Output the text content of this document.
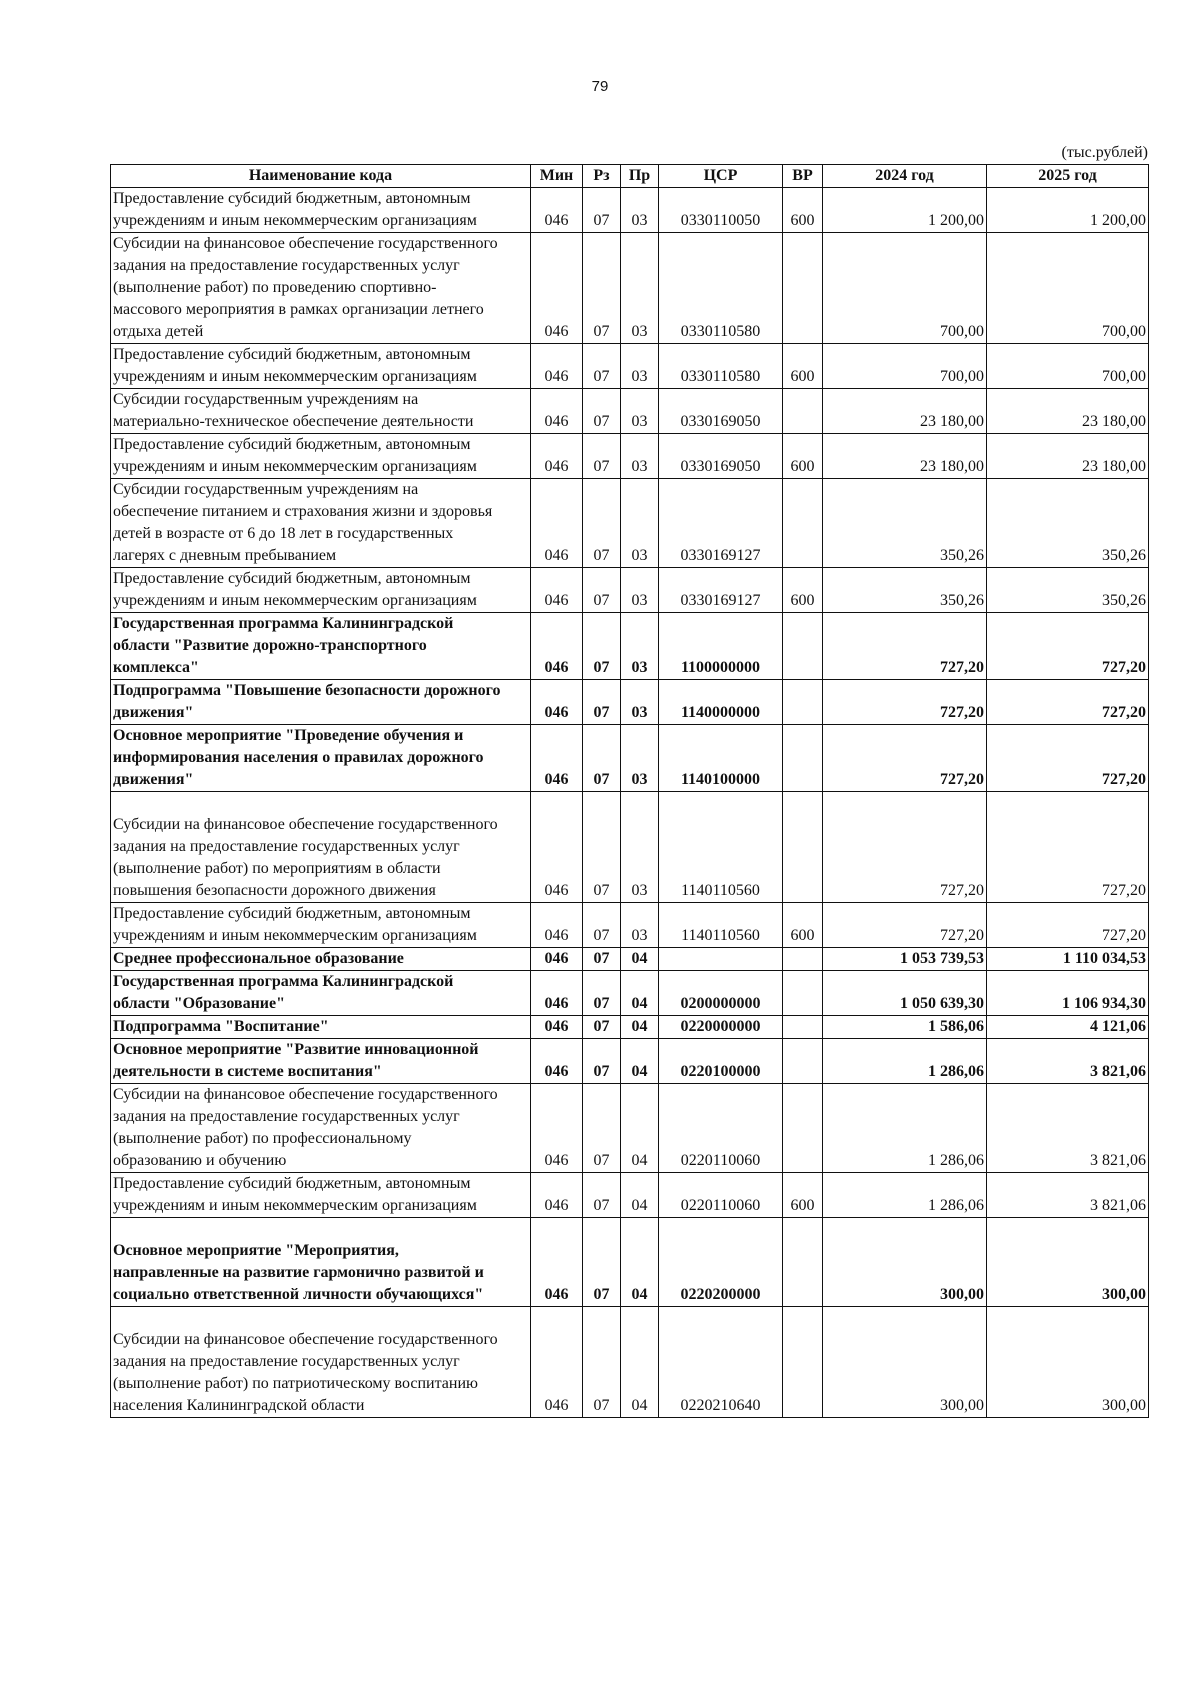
79
(тыс.рублей)
Наименование кода	Мин	Рз	Пр	ЦСР	ВР	2024 год	2025 год
Предоставление субсидий бюджетным, автономным
учреждениям и иным некоммерческим организациям	046	07	03	0330110050	600	1 200,00	1 200,00
Субсидии на финансовое обеспечение государственного
задания на предоставление государственных услуг
(выполнение работ) по проведению спортивно-
массового мероприятия в рамках организации летнего
отдыха детей	046	07	03	0330110580		700,00	700,00
Предоставление субсидий бюджетным, автономным
учреждениям и иным некоммерческим организациям	046	07	03	0330110580	600	700,00	700,00
Субсидии государственным учреждениям на
материально-техническое обеспечение деятельности	046	07	03	0330169050		23 180,00	23 180,00
Предоставление субсидий бюджетным, автономным
учреждениям и иным некоммерческим организациям	046	07	03	0330169050	600	23 180,00	23 180,00
Субсидии государственным учреждениям на
обеспечение питанием и страхования жизни и здоровья
детей в возрасте от 6 до 18 лет в государственных
лагерях с дневным пребыванием	046	07	03	0330169127		350,26	350,26
Предоставление субсидий бюджетным, автономным
учреждениям и иным некоммерческим организациям	046	07	03	0330169127	600	350,26	350,26
Государственная программа Калининградской
области "Развитие дорожно-транспортного
комплекса"	046	07	03	1100000000		727,20	727,20
Подпрограмма "Повышение безопасности дорожного
движения"	046	07	03	1140000000		727,20	727,20
Основное мероприятие "Проведение обучения и
информирования населения о правилах дорожного
движения"	046	07	03	1140100000		727,20	727,20
Субсидии на финансовое обеспечение государственного
задания на предоставление государственных услуг
(выполнение работ) по мероприятиям в области
повышения безопасности дорожного движения	046	07	03	1140110560		727,20	727,20
Предоставление субсидий бюджетным, автономным
учреждениям и иным некоммерческим организациям	046	07	03	1140110560	600	727,20	727,20
Среднее профессиональное образование	046	07	04			1 053 739,53	1 110 034,53
Государственная программа Калининградской
области "Образование"	046	07	04	0200000000		1 050 639,30	1 106 934,30
Подпрограмма "Воспитание"	046	07	04	0220000000		1 586,06	4 121,06
Основное мероприятие "Развитие инновационной
деятельности в системе воспитания"	046	07	04	0220100000		1 286,06	3 821,06
Субсидии на финансовое обеспечение государственного
задания на предоставление государственных услуг
(выполнение работ) по профессиональному
образованию и обучению	046	07	04	0220110060		1 286,06	3 821,06
Предоставление субсидий бюджетным, автономным
учреждениям и иным некоммерческим организациям	046	07	04	0220110060	600	1 286,06	3 821,06
Основное мероприятие "Мероприятия,
направленные на развитие гармонично развитой и
социально ответственной личности обучающихся"	046	07	04	0220200000		300,00	300,00
Субсидии на финансовое обеспечение государственного
задания на предоставление государственных услуг
(выполнение работ) по патриотическому воспитанию
населения Калининградской области	046	07	04	0220210640		300,00	300,00
